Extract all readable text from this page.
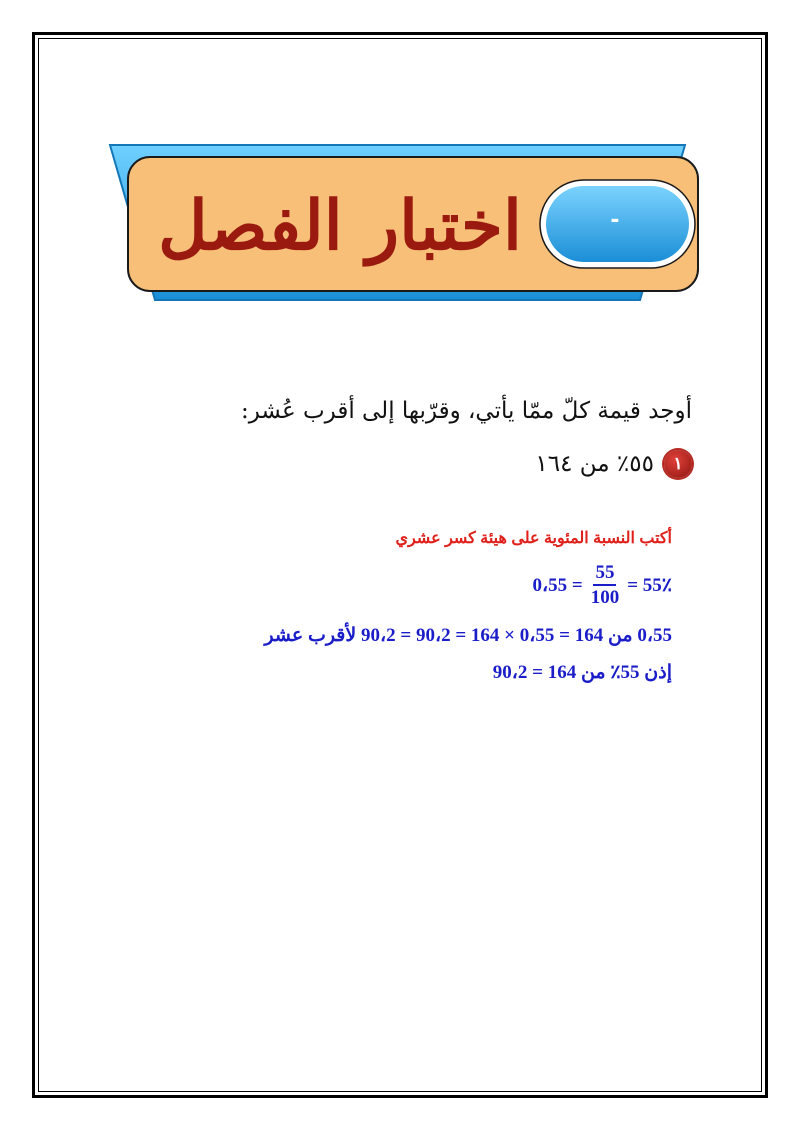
-
اختبار الفصل
أوجد قيمة كلّ ممّا يأتي، وقرّبها إلى أقرب عُشر:
١
٥٥٪ من ١٦٤
أكتب النسبة المئوية على هيئة كسر عشري
55٪ =
$\frac{55}{100}$
= 0،55
0،55 من 164 = 0،55 × 164 = 90،2 = 90،2 لأقرب عشر
إذن 55٪ من 164 = 90،2
